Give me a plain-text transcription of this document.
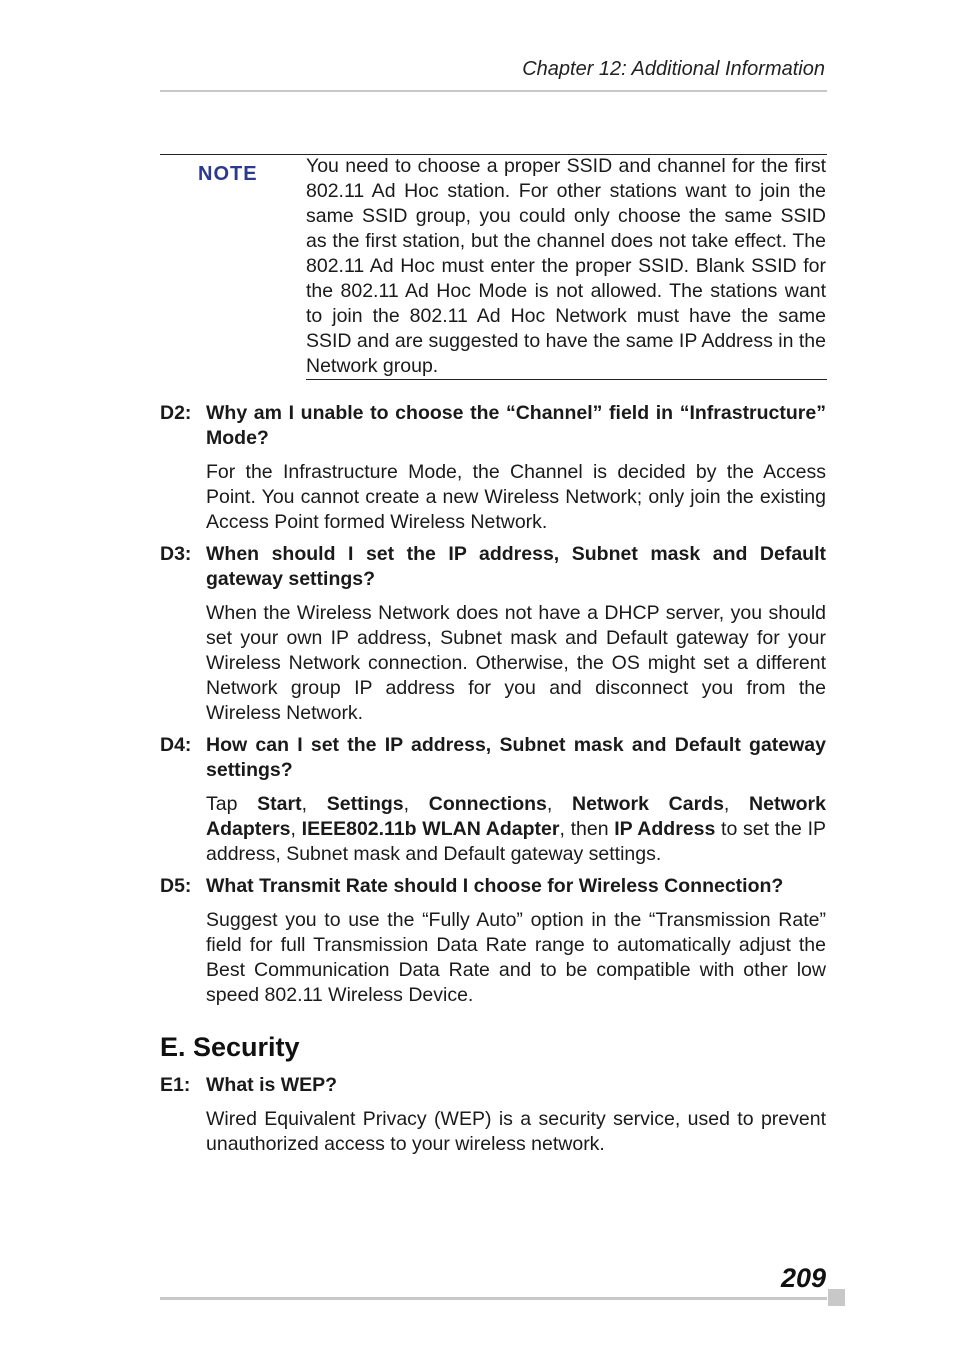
Chapter 12: Additional Information
NOTE You need to choose a proper SSID and channel for the first 802.11 Ad Hoc station. For other stations want to join the same SSID group, you could only choose the same SSID as the first station, but the channel does not take effect. The 802.11 Ad Hoc must enter the proper SSID. Blank SSID for the 802.11 Ad Hoc Mode is not allowed. The stations want to join the 802.11 Ad Hoc Network must have the same SSID and are suggested to have the same IP Address in the Network group.
D2: Why am I unable to choose the “Channel” field in “Infrastructure” Mode?
For the Infrastructure Mode, the Channel is decided by the Access Point. You cannot create a new Wireless Network; only join the existing Access Point formed Wireless Network.
D3: When should I set the IP address, Subnet mask and Default gateway settings?
When the Wireless Network does not have a DHCP server, you should set your own IP address, Subnet mask and Default gateway for your Wireless Network connection. Otherwise, the OS might set a different Network group IP address for you and disconnect you from the Wireless Network.
D4: How can I set the IP address, Subnet mask and Default gateway settings?
Tap Start, Settings, Connections, Network Cards, Network Adapters, IEEE802.11b WLAN Adapter, then IP Address to set the IP address, Subnet mask and Default gateway settings.
D5: What Transmit Rate should I choose for Wireless Connection?
Suggest you to use the “Fully Auto” option in the “Transmission Rate” field for full Transmission Data Rate range to automatically adjust the Best Communication Data Rate and to be compatible with other low speed 802.11 Wireless Device.
E. Security
E1: What is WEP?
Wired Equivalent Privacy (WEP) is a security service, used to prevent unauthorized access to your wireless network.
209
